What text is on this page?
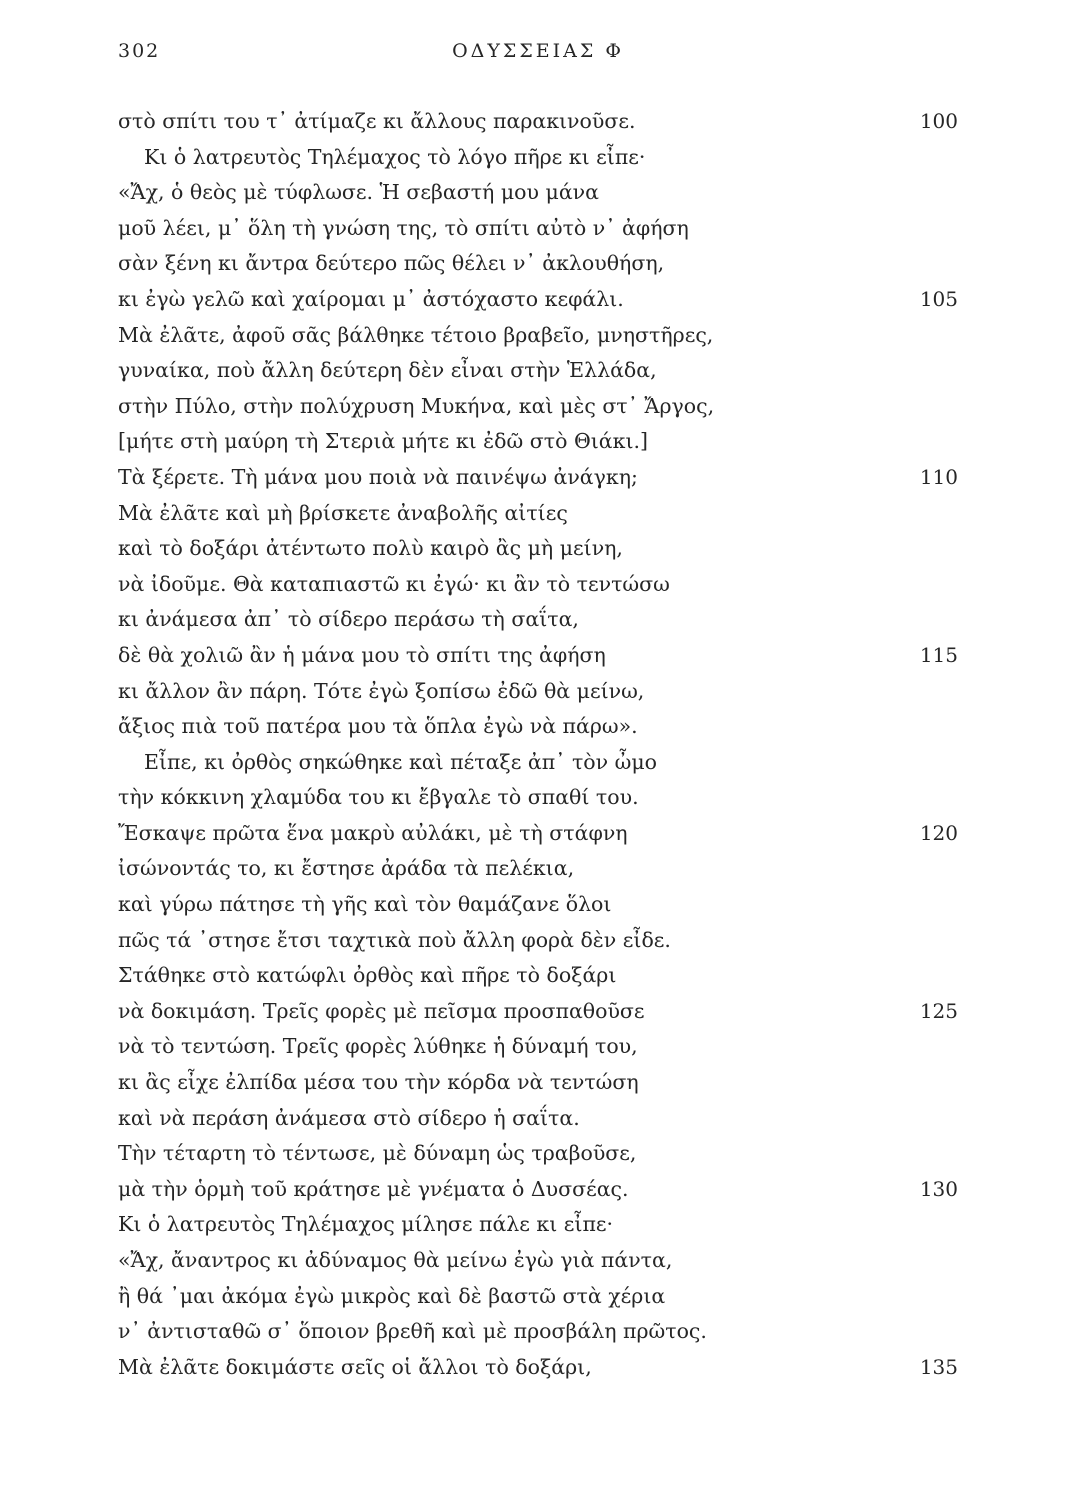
302	ΟΔΥΣΣΕΙΑΣ Φ
στὸ σπίτι του τ᾽ ἀτίμαζε κι ἄλλους παρακινοῦσε.	100
Κι ὁ λατρευτὸς Τηλέμαχος τὸ λόγο πῆρε κι εἶπε·
«Ἄχ, ὁ θεὸς μὲ τύφλωσε. Ἡ σεβαστή μου μάνα
μοῦ λέει, μ᾽ ὅλη τὴ γνώση της, τὸ σπίτι αὐτὸ ν᾽ ἀφήση
σὰν ξένη κι ἄντρα δεύτερο πῶς θέλει ν᾽ ἀκλουθήση,
κι ἐγὼ γελῶ καὶ χαίρομαι μ᾽ ἀστόχαστο κεφάλι.	105
Μὰ ἐλᾶτε, ἀφοῦ σᾶς βάλθηκε τέτοιο βραβεῖο, μνηστῆρες,
γυναίκα, ποὺ ἄλλη δεύτερη δὲν εἶναι στὴν Ἑλλάδα,
στὴν Πύλο, στὴν πολύχρυση Μυκήνα, καὶ μὲς στ᾽ Ἄργος,
[μήτε στὴ μαύρη τὴ Στεριὰ μήτε κι ἐδῶ στὸ Θιάκι.]
Τὰ ξέρετε. Τὴ μάνα μου ποιὰ νὰ παινέψω ἀνάγκη;	110
Μὰ ἐλᾶτε καὶ μὴ βρίσκετε ἀναβολῆς αἰτίες
καὶ τὸ δοξάρι ἀτέντωτο πολὺ καιρὸ ἂς μὴ μείνη,
νὰ ἰδοῦμε. Θὰ καταπιαστῶ κι ἐγώ· κι ἂν τὸ τεντώσω
κι ἀνάμεσα ἀπ᾽ τὸ σίδερο περάσω τὴ σαΐτα,
δὲ θὰ χολιῶ ἂν ἡ μάνα μου τὸ σπίτι της ἀφήση	115
κι ἄλλον ἂν πάρη. Τότε ἐγὼ ξοπίσω ἐδῶ θὰ μείνω,
ἄξιος πιὰ τοῦ πατέρα μου τὰ ὅπλα ἐγὼ νὰ πάρω».
Εἶπε, κι ὀρθὸς σηκώθηκε καὶ πέταξε ἀπ᾽ τὸν ὦμο
τὴν κόκκινη χλαμύδα του κι ἔβγαλε τὸ σπαθί του.
Ἔσκαψε πρῶτα ἕνα μακρὺ αὐλάκι, μὲ τὴ στάφνη	120
ἰσώνοντάς το, κι ἔστησε ἀράδα τὰ πελέκια,
καὶ γύρω πάτησε τὴ γῆς καὶ τὸν θαμάζανε ὅλοι
πῶς τά ᾽στησε ἔτσι ταχτικὰ ποὺ ἄλλη φορὰ δὲν εἶδε.
Στάθηκε στὸ κατώφλι ὀρθὸς καὶ πῆρε τὸ δοξάρι
νὰ δοκιμάση. Τρεῖς φορὲς μὲ πεῖσμα προσπαθοῦσε	125
νὰ τὸ τεντώση. Τρεῖς φορὲς λύθηκε ἡ δύναμή του,
κι ἂς εἶχε ἐλπίδα μέσα του τὴν κόρδα νὰ τεντώση
καὶ νὰ περάση ἀνάμεσα στὸ σίδερο ἡ σαΐτα.
Τὴν τέταρτη τὸ τέντωσε, μὲ δύναμη ὡς τραβοῦσε,
μὰ τὴν ὁρμὴ τοῦ κράτησε μὲ γνέματα ὁ Δυσσέας.	130
Κι ὁ λατρευτὸς Τηλέμαχος μίλησε πάλε κι εἶπε·
«Ἄχ, ἄναντρος κι ἀδύναμος θὰ μείνω ἐγὼ γιὰ πάντα,
ἢ θά ᾽μαι ἀκόμα ἐγὼ μικρὸς καὶ δὲ βαστῶ στὰ χέρια
ν᾽ ἀντισταθῶ σ᾽ ὅποιον βρεθῆ καὶ μὲ προσβάλη πρῶτος.
Μὰ ἐλᾶτε δοκιμάστε σεῖς οἱ ἄλλοι τὸ δοξάρι,	135
